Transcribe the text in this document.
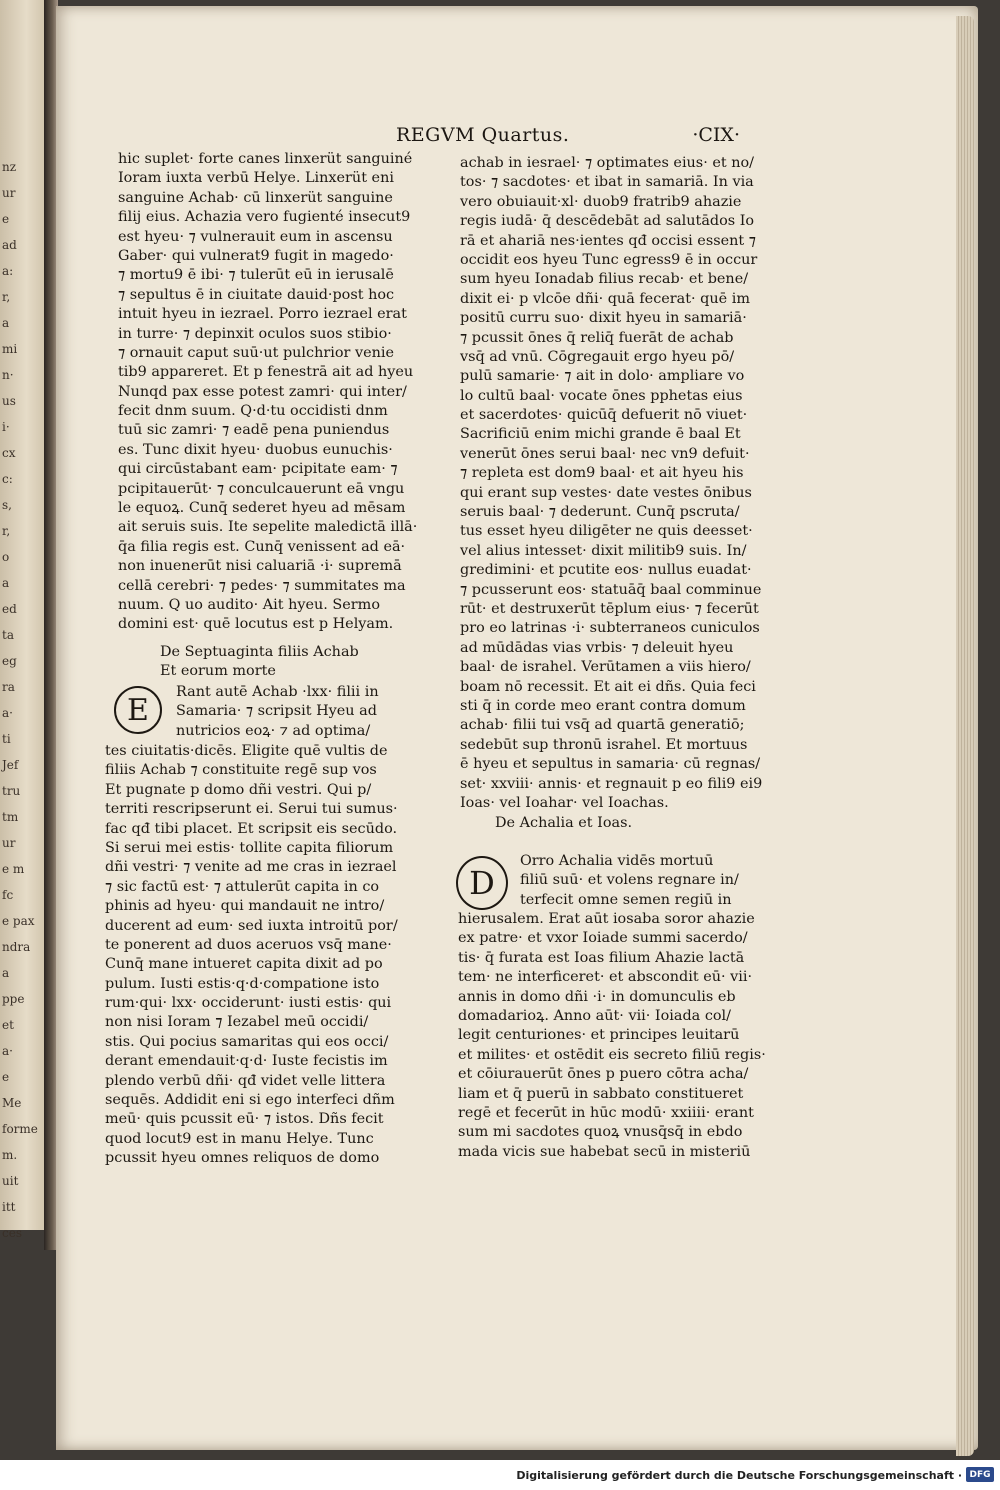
nz
ur
e
ad
a:
r,
a
mi
n·
us
i·
cx
c:
s,
r,
o
a
ed
ta
eg
ra
a·
ti
Jef
tru
tm
ur
e m
fc
e pax
ndra
a
ppe
et
a·
e
Me
forme
m.
uit
itt
ces
REGVM Quartus.	·CIX·
hic suplet· forte canes linxerüt sanguiné
Ioram iuxta verbū Helye. Linxerüt eni
sanguine Achab· cū linxerüt sanguine
filij eius. Achazia vero fugienté insecut9
est hyeu· ⁊ vulnerauit eum in ascensu
Gaber· qui vulnerat9 fugit in magedo·
⁊ mortu9 ē ibi· ⁊ tulerūt eū in ierusalē
⁊ sepultus ē in ciuitate dauid·post hoc
intuit hyeu in iezrael. Porro iezrael erat
in turre· ⁊ depinxit oculos suos stibio·
⁊ ornauit caput suū·ut pulchrior venie
tib9 appareret. Et p fenestrā ait ad hyeu
Nunqd pax esse potest zamri· qui inter/
fecit dnm suum. Q·d·tu occidisti dnm
tuū sic zamri· ⁊ eadē pena puniendus
es. Tunc dixit hyeu· duobus eunuchis·
qui circūstabant eam· pcipitate eam· ⁊
pcipitauerūt· ⁊ conculcauerunt eā vngu
le equoꝝ. Cunq̄ sederet hyeu ad mēsam
ait seruis suis. Ite sepelite maledictā illā·
q̄a filia regis est. Cunq̄ venissent ad eā·
non inuenerūt nisi caluariā ·i· supremā
cellā cerebri· ⁊ pedes· ⁊ summitates ma
nuum. Q uo audito· Ait hyeu. Sermo
domini est· quē locutus est p Helyam.
De Septuaginta filiis Achab
Et eorum morte
E
Rant autē Achab ·lxx· filii in
Samaria· ⁊ scripsit Hyeu ad
nutricios eoꝝ· ⁊ ad optima/
tes ciuitatis·dicēs. Eligite quē vultis de
filiis Achab ⁊ constituite regē sup vos
Et pugnate p domo dñi vestri. Qui p/
territi rescripserunt ei. Serui tui sumus·
fac qđ tibi placet. Et scripsit eis secūdo.
Si serui mei estis· tollite capita filiorum
dñi vestri· ⁊ venite ad me cras in iezrael
⁊ sic factū est· ⁊ attulerūt capita in co
phinis ad hyeu· qui mandauit ne intro/
ducerent ad eum· sed iuxta introitū por/
te ponerent ad duos aceruos vsq̄ mane·
Cunq̄ mane intueret capita dixit ad po
pulum. Iusti estis·q·d·compatione isto
rum·qui· lxx· occiderunt· iusti estis· qui
non nisi Ioram ⁊ Iezabel meū occidi/
stis. Qui pocius samaritas qui eos occi/
derant emendauit·q·d· Iuste fecistis im
plendo verbū dñi· qđ videt velle littera
sequēs. Addidit eni si ego interfeci dñm
meū· quis pcussit eū· ⁊ istos. Dñs fecit
quod locut9 est in manu Helye. Tunc
pcussit hyeu omnes reliquos de domo
achab in iesrael· ⁊ optimates eius· et no/
tos· ⁊ sacdotes· et ibat in samariā. In via
vero obuiauit·xl· duob9 fratrib9 ahazie
regis iudā· q̄ descēdebāt ad salutādos Io
rā et ahariā nes·ientes qđ occisi essent ⁊
occidit eos hyeu Tunc egress9 ē in occur
sum hyeu Ionadab filius recab· et bene/
dixit ei· p vlcōe dñi· quā fecerat· quē im
positū curru suo· dixit hyeu in samariā·
⁊ pcussit ōnes q̄ reliq̄ fuerāt de achab
vsq̄ ad vnū. Cōgregauit ergo hyeu pō/
pulū samarie· ⁊ ait in dolo· ampliare vo
lo cultū baal· vocate ōnes pphetas eius
et sacerdotes· quicūq̄ defuerit nō viuet·
Sacrificiū enim michi grande ē baal Et
venerūt ōnes serui baal· nec vn9 defuit·
⁊ repleta est dom9 baal· et ait hyeu his
qui erant sup vestes· date vestes ōnibus
seruis baal· ⁊ dederunt. Cunq̄ pscruta/
tus esset hyeu diligēter ne quis deesset·
vel alius intesset· dixit militib9 suis. In/
gredimini· et pcutite eos· nullus euadat·
⁊ pcusserunt eos· statuāq̄ baal comminue
rūt· et destruxerūt tēplum eius· ⁊ fecerūt
pro eo latrinas ·i· subterraneos cuniculos
ad mūdādas vias vrbis· ⁊ deleuit hyeu
baal· de israhel. Verūtamen a viis hiero/
boam nō recessit. Et ait ei dñs. Quia feci
sti q̄ in corde meo erant contra domum
achab· filii tui vsq̄ ad quartā generatiō;
sedebūt sup thronū israhel. Et mortuus
ē hyeu et sepultus in samaria· cū regnas/
set· xxviii· annis· et regnauit p eo fili9 ei9
Ioas· vel Ioahar· vel Ioachas.
De Achalia et Ioas.
D
Orro Achalia vidēs mortuū
filiū suū· et volens regnare in/
terfecit omne semen regiū in
hierusalem. Erat aūt iosaba soror ahazie
ex patre· et vxor Ioiade summi sacerdo/
tis· q̄ furata est Ioas filium Ahazie lactā
tem· ne interficeret· et abscondit eū· vii·
annis in domo dñi ·i· in domunculis eb
domadarioꝝ. Anno aūt· vii· Ioiada col/
legit centuriones· et principes leuitarū
et milites· et ostēdit eis secreto filiū regis·
et cōiurauerūt ōnes p puero cōtra acha/
liam et q̄ puerū in sabbato constitueret
regē et fecerūt in hūc modū· xxiiii· erant
sum mi sacdotes quoꝝ vnusq̄sq̄ in ebdo
mada vicis sue habebat secū in misteriū
Digitalisierung gefördert durch die Deutsche Forschungsgemeinschaft · DFG
